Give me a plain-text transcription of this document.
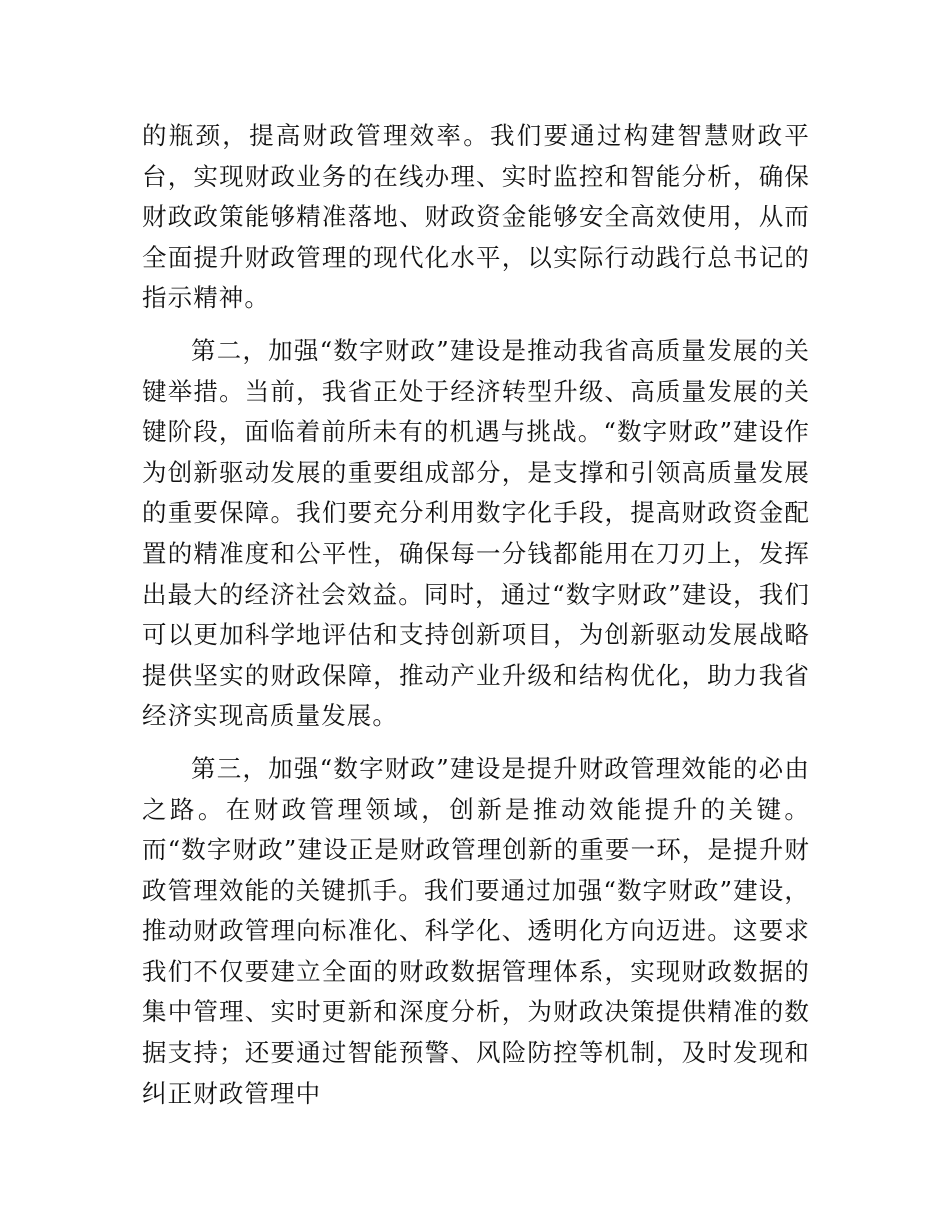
的瓶颈，提高财政管理效率。我们要通过构建智慧财政平台，实现财政业务的在线办理、实时监控和智能分析，确保财政政策能够精准落地、财政资金能够安全高效使用，从而全面提升财政管理的现代化水平，以实际行动践行总书记的指示精神。

第二，加强“数字财政”建设是推动我省高质量发展的关键举措。当前，我省正处于经济转型升级、高质量发展的关键阶段，面临着前所未有的机遇与挑战。“数字财政”建设作为创新驱动发展的重要组成部分，是支撑和引领高质量发展的重要保障。我们要充分利用数字化手段，提高财政资金配置的精准度和公平性，确保每一分钱都能用在刀刃上，发挥出最大的经济社会效益。同时，通过“数字财政”建设，我们可以更加科学地评估和支持创新项目，为创新驱动发展战略提供坚实的财政保障，推动产业升级和结构优化，助力我省经济实现高质量发展。

第三，加强“数字财政”建设是提升财政管理效能的必由之路。在财政管理领域，创新是推动效能提升的关键。而“数字财政”建设正是财政管理创新的重要一环，是提升财政管理效能的关键抓手。我们要通过加强“数字财政”建设，推动财政管理向标准化、科学化、透明化方向迈进。这要求我们不仅要建立全面的财政数据管理体系，实现财政数据的集中管理、实时更新和深度分析，为财政决策提供精准的数据支持；还要通过智能预警、风险防控等机制，及时发现和纠正财政管理中
